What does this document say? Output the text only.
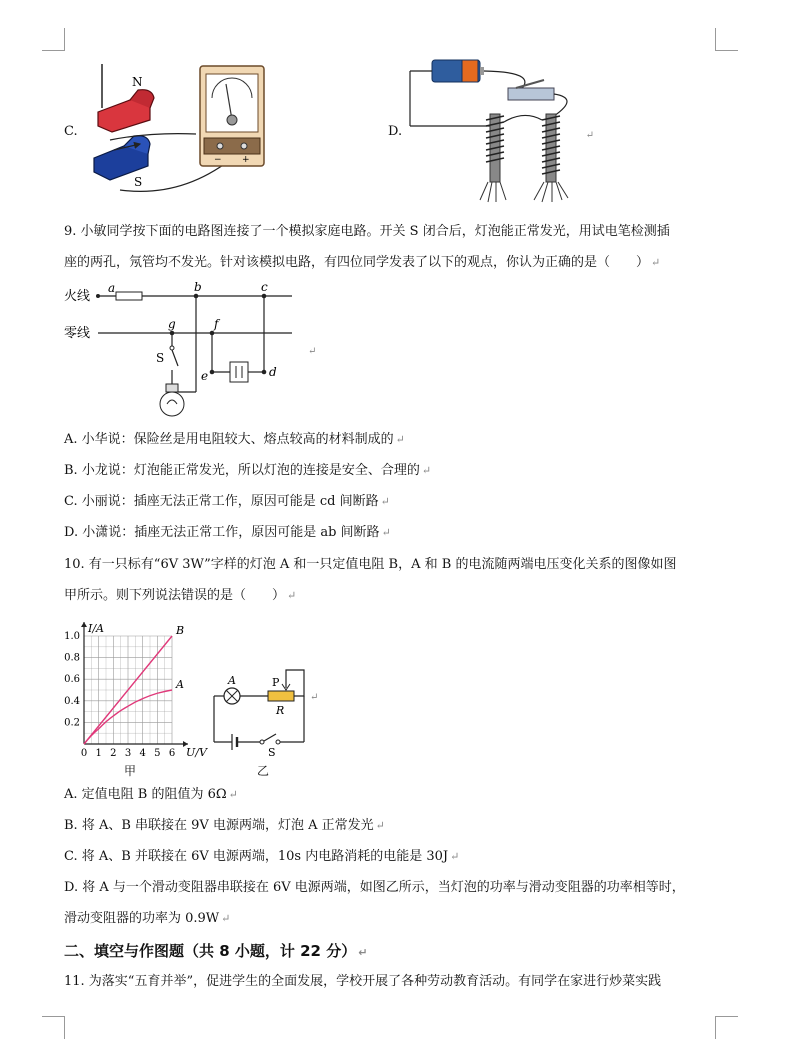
C.
N
S
− +
D.	↵
9. 小敏同学按下面的电路图连接了一个模拟家庭电路。开关 S 闭合后，灯泡能正常发光，用试电笔检测插
座的两孔，氖管均不发光。针对该模拟电路，有四位同学发表了以下的观点，你认为正确的是（　　） ↵
火线
零线
a	b	c
g
S
f
e	d
↵
A. 小华说：保险丝是用电阻较大、熔点较高的材料制成的 ↵
B. 小龙说：灯泡能正常发光，所以灯泡的连接是安全、合理的 ↵
C. 小丽说：插座无法正常工作，原因可能是 cd 间断路 ↵
D. 小潇说：插座无法正常工作，原因可能是 ab 间断路 ↵
10. 有一只标有“6V 3W”字样的灯泡 A 和一只定值电阻 B，A 和 B 的电流随两端电压变化关系的图像如图
甲所示。则下列说法错误的是（　　） ↵
0 1 2 3 4 5 6
0.2
0.4
0.6
0.8
1.0
U/V
I/A	B
A
甲
A
R
P
S
↵
乙
A. 定值电阻 B 的阻值为 6Ω ↵
B. 将 A、B 串联接在 9V 电源两端，灯泡 A 正常发光 ↵
C. 将 A、B 并联接在 6V 电源两端，10s 内电路消耗的电能是 30J ↵
D. 将 A 与一个滑动变阻器串联接在 6V 电源两端，如图乙所示，当灯泡的功率与滑动变阻器的功率相等时，
滑动变阻器的功率为 0.9W ↵
二、填空与作图题（共 8 小题，计 22 分） ↵
11. 为落实“五育并举”，促进学生的全面发展，学校开展了各种劳动教育活动。有同学在家进行炒菜实践
